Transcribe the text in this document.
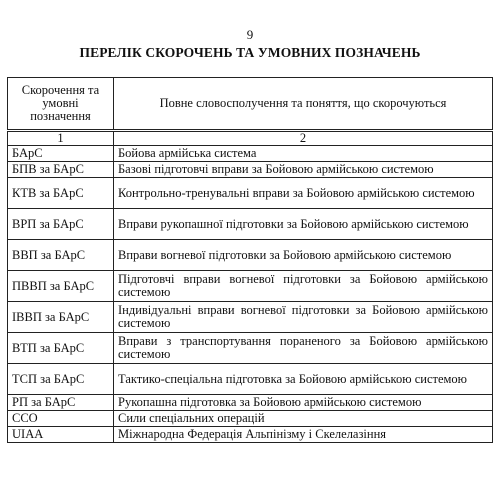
9
ПЕРЕЛІК СКОРОЧЕНЬ ТА УМОВНИХ ПОЗНАЧЕНЬ
Скорочення та умовні позначення	Повне словосполучення та поняття, що скорочуються
1	2
БАрС	Бойова армійська система
БПВ за БАрС	Базові підготовчі вправи за Бойовою армійською системою
КТВ за БАрС	Контрольно-тренувальні вправи за Бойовою армійською системою
ВРП за БАрС	Вправи рукопашної підготовки за Бойовою армійською системою
ВВП за БАрС	Вправи вогневої підготовки за Бойовою армійською системою
ПВВП за БАрС	Підготовчі вправи вогневої підготовки за Бойовою армійською системою
ІВВП за БАрС	Індивідуальні вправи вогневої підготовки за Бойовою армійською системою
ВТП за БАрС	Вправи з транспортування пораненого за Бойовою армійською системою
ТСП за БАрС	Тактико-спеціальна підготовка за Бойовою армійською системою
РП за БАрС	Рукопашна підготовка за Бойовою армійською системою
ССО	Сили спеціальних операцій
UIAA	Міжнародна Федерація Альпінізму і Скелелазіння
